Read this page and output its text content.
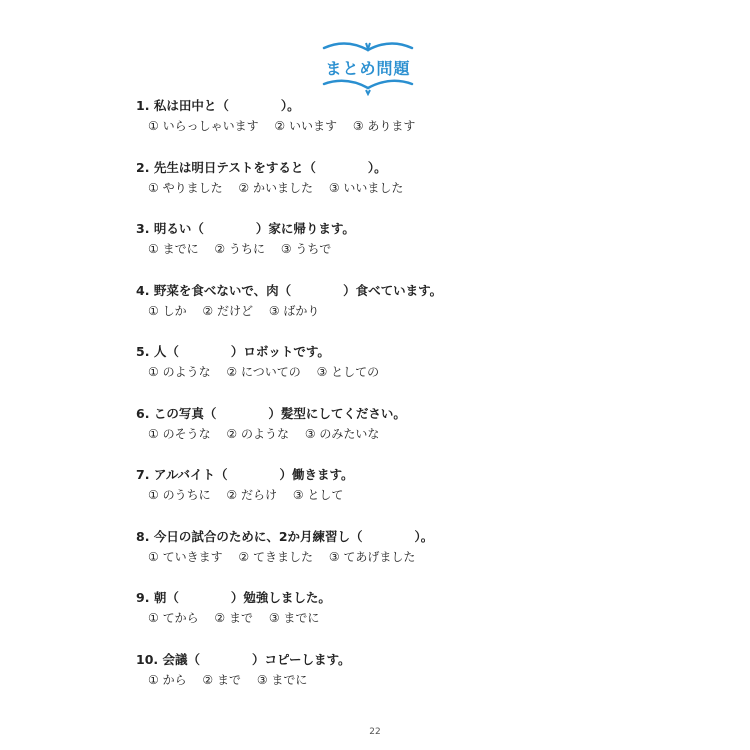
まとめ問題
1. 私は田中と（	）。
① いらっしゃいます ② いいます ③ あります
2. 先生は明日テストをすると（	）。
① やりました ② かいました ③ いいました
3. 明るい（	）家に帰ります。
① までに ② うちに ③ うちで
4. 野菜を食べないで、肉（	）食べています。
① しか ② だけど ③ ばかり
5. 人（	）ロボットです。
① のような ② についての ③ としての
6. この写真（	）髪型にしてください。
① のそうな ② のような ③ のみたいな
7. アルバイト（	）働きます。
① のうちに ② だらけ ③ として
8. 今日の試合のために、2か月練習し（	）。
① ていきます ② てきました ③ てあげました
9. 朝（	）勉強しました。
① てから ② まで ③ までに
10. 会議（	）コピーします。
① から ② まで ③ までに
22
